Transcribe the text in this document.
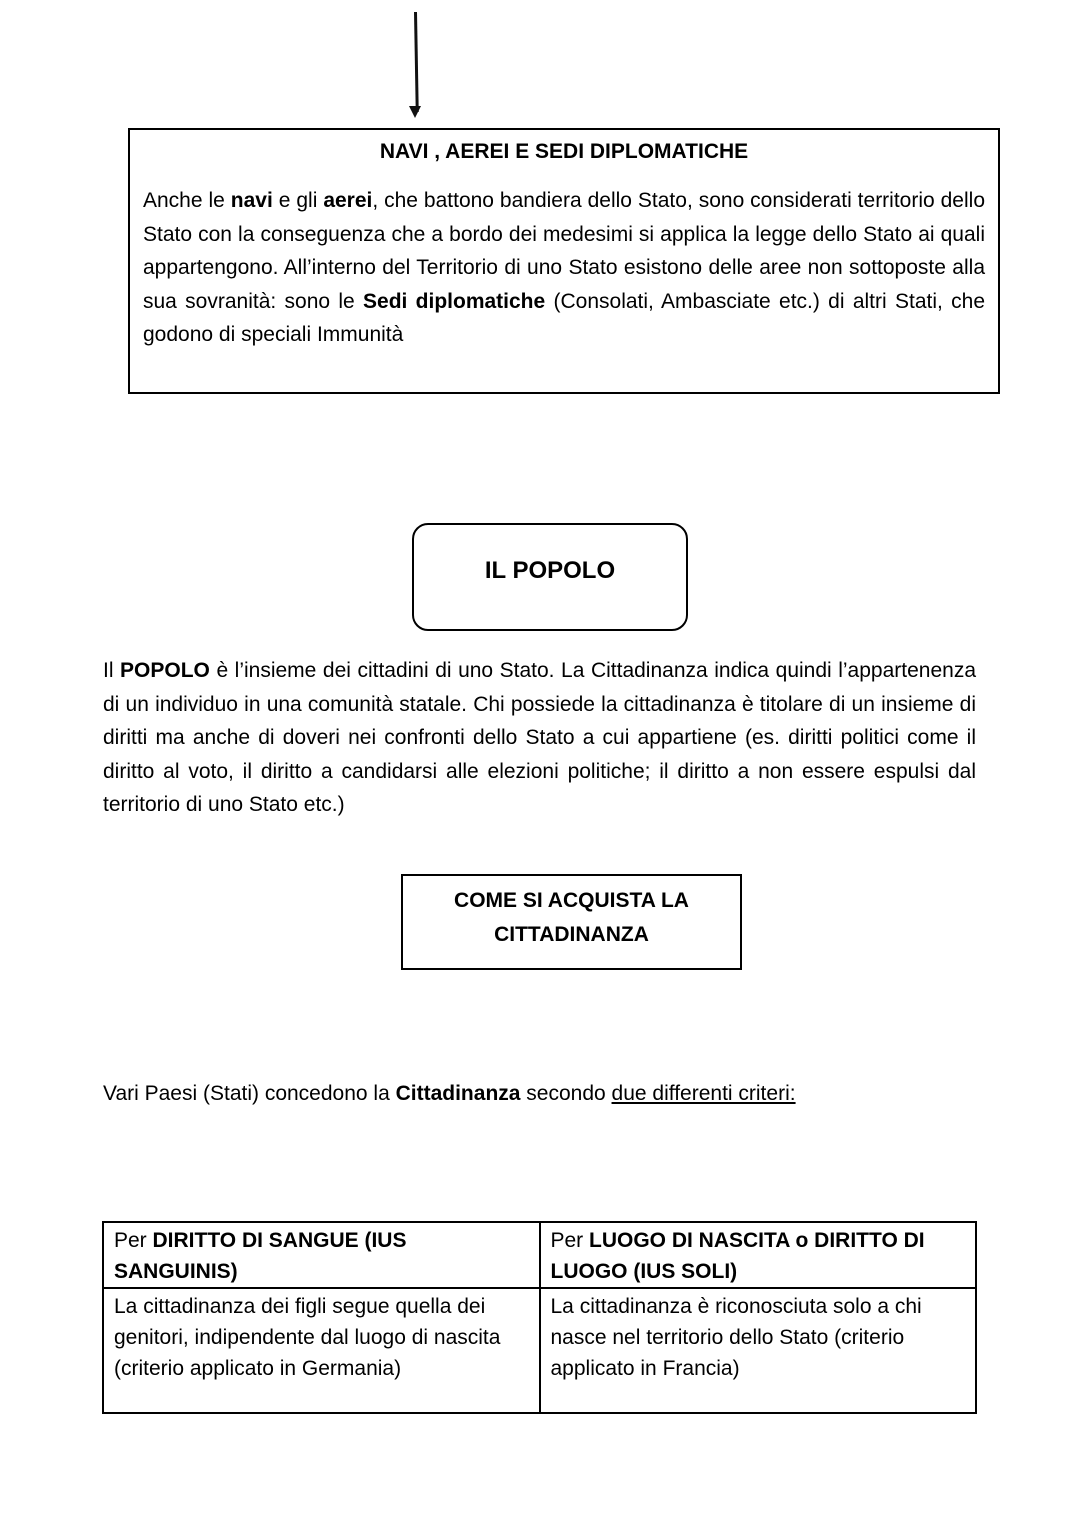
NAVI , AEREI E SEDI DIPLOMATICHE
Anche le navi e gli aerei, che battono bandiera dello Stato, sono considerati territorio dello Stato con la conseguenza che a bordo dei medesimi si applica la legge dello Stato ai quali appartengono. All’interno del Territorio di uno Stato esistono delle aree non sottoposte alla sua sovranità: sono le Sedi diplomatiche (Consolati, Ambasciate etc.) di altri Stati, che godono di speciali Immunità
IL POPOLO
Il POPOLO è l’insieme dei cittadini di uno Stato. La Cittadinanza indica quindi l’appartenenza di un individuo in una comunità statale. Chi possiede la cittadinanza è titolare di un insieme di diritti ma anche di doveri nei confronti dello Stato a cui appartiene (es. diritti politici come il diritto al voto, il diritto a candidarsi alle elezioni politiche; il diritto a non essere espulsi dal territorio di uno Stato etc.)
COME SI ACQUISTA LA
CITTADINANZA
Vari Paesi (Stati) concedono la Cittadinanza secondo due differenti criteri:
Per DIRITTO DI SANGUE (IUS SANGUINIS)	Per LUOGO DI NASCITA o DIRITTO DI LUOGO (IUS SOLI)
La cittadinanza dei figli segue quella dei genitori, indipendente dal luogo di nascita (criterio applicato in Germania)	La cittadinanza è riconosciuta solo a chi nasce nel territorio dello Stato (criterio applicato in Francia)
